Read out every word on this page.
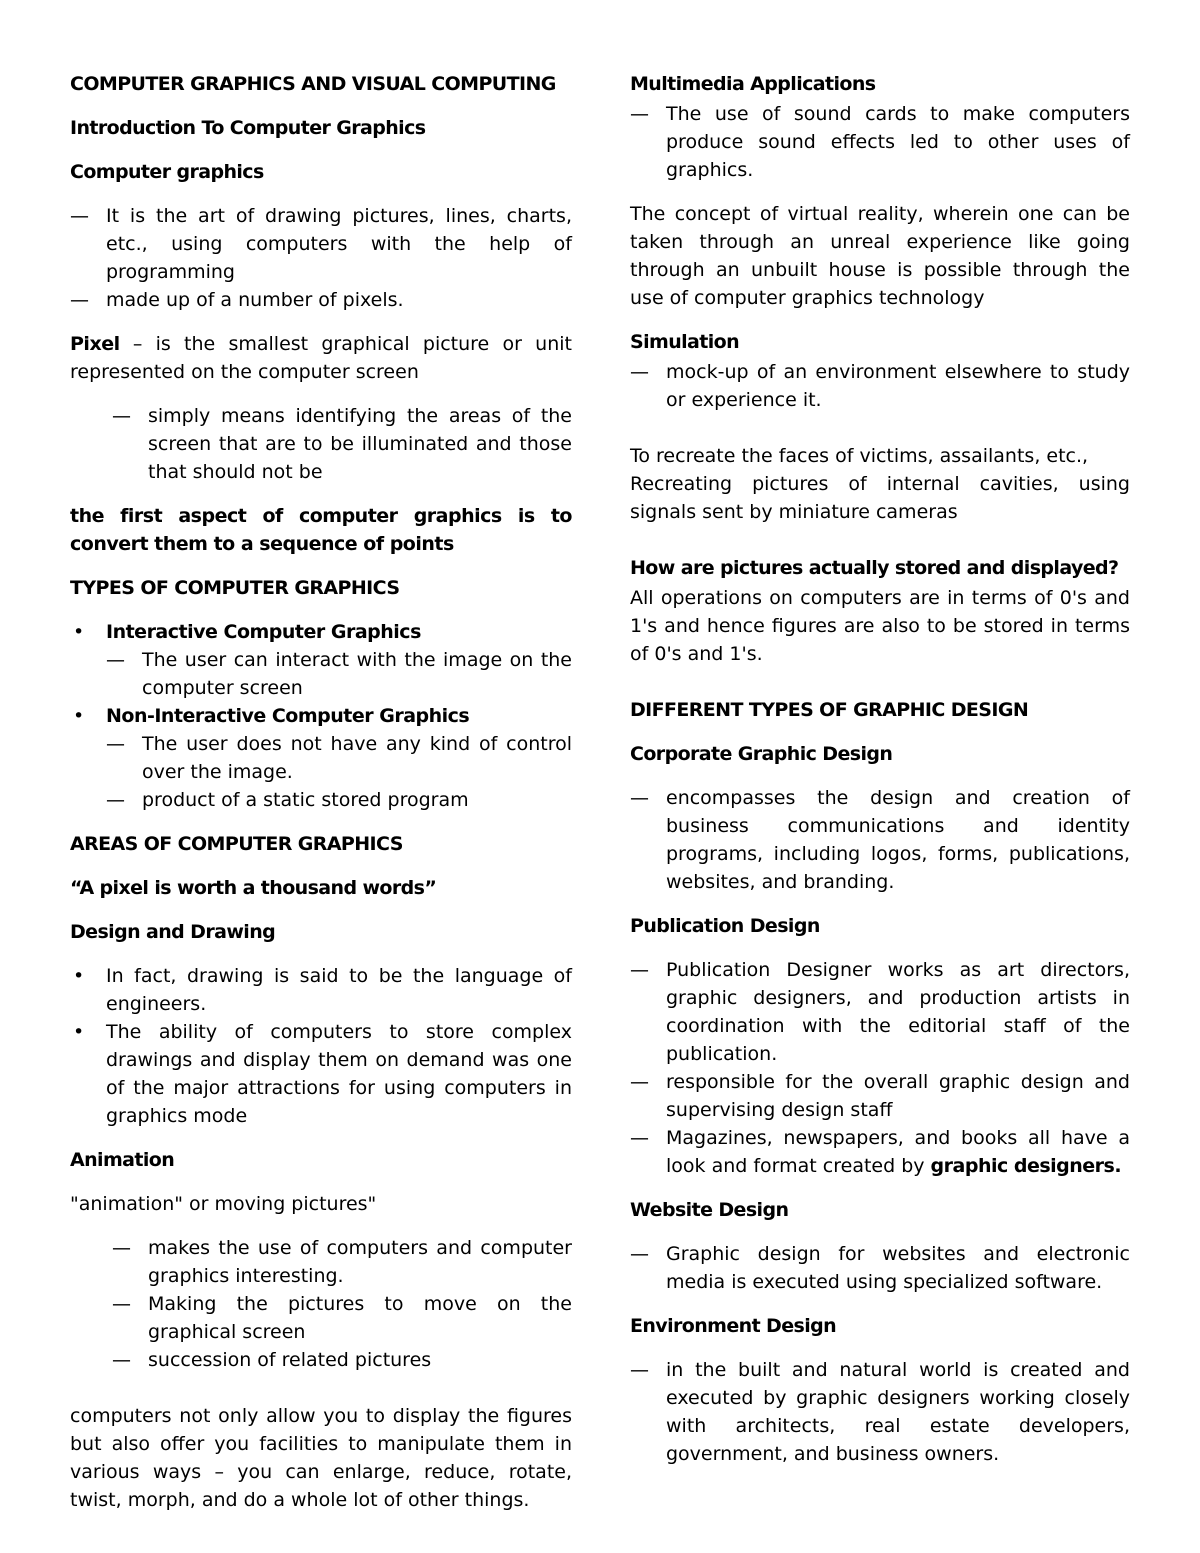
COMPUTER GRAPHICS AND VISUAL COMPUTING
Introduction To Computer Graphics
Computer graphics
— It is the art of drawing pictures, lines, charts, etc., using computers with the help of programming
— made up of a number of pixels.

Pixel – is the smallest graphical picture or unit represented on the computer screen

— simply means identifying the areas of the screen that are to be illuminated and those that should not be
the first aspect of computer graphics is to convert them to a sequence of points
TYPES OF COMPUTER GRAPHICS
• Interactive Computer Graphics
— The user can interact with the image on the computer screen
• Non-Interactive Computer Graphics
— The user does not have any kind of control over the image.
— product of a static stored program
AREAS OF COMPUTER GRAPHICS
“A pixel is worth a thousand words”
Design and Drawing
• In fact, drawing is said to be the language of engineers.
• The ability of computers to store complex drawings and display them on demand was one of the major attractions for using computers in graphics mode
Animation

"animation" or moving pictures"

— makes the use of computers and computer graphics interesting.
— Making the pictures to move on the graphical screen
— succession of related pictures

computers not only allow you to display the figures but also offer you facilities to manipulate them in various ways – you can enlarge, reduce, rotate, twist, morph, and do a whole lot of other things.

Multimedia Applications
— The use of sound cards to make computers produce sound effects led to other uses of graphics.

The concept of virtual reality, wherein one can be taken through an unreal experience like going through an unbuilt house is possible through the use of computer graphics technology

Simulation
— mock-up of an environment elsewhere to study or experience it.

To recreate the faces of victims, assailants, etc.,
Recreating pictures of internal cavities, using signals sent by miniature cameras

How are pictures actually stored and displayed?

All operations on computers are in terms of 0's and 1's and hence figures are also to be stored in terms of 0's and 1's.

DIFFERENT TYPES OF GRAPHIC DESIGN
Corporate Graphic Design
— encompasses the design and creation of business communications and identity programs, including logos, forms, publications, websites, and branding.
Publication Design
— Publication Designer works as art directors, graphic designers, and production artists in coordination with the editorial staff of the publication.
— responsible for the overall graphic design and supervising design staff
— Magazines, newspapers, and books all have a look and format created by graphic designers.
Website Design
— Graphic design for websites and electronic media is executed using specialized software.
Environment Design
— in the built and natural world is created and executed by graphic designers working closely with architects, real estate developers, government, and business owners.
